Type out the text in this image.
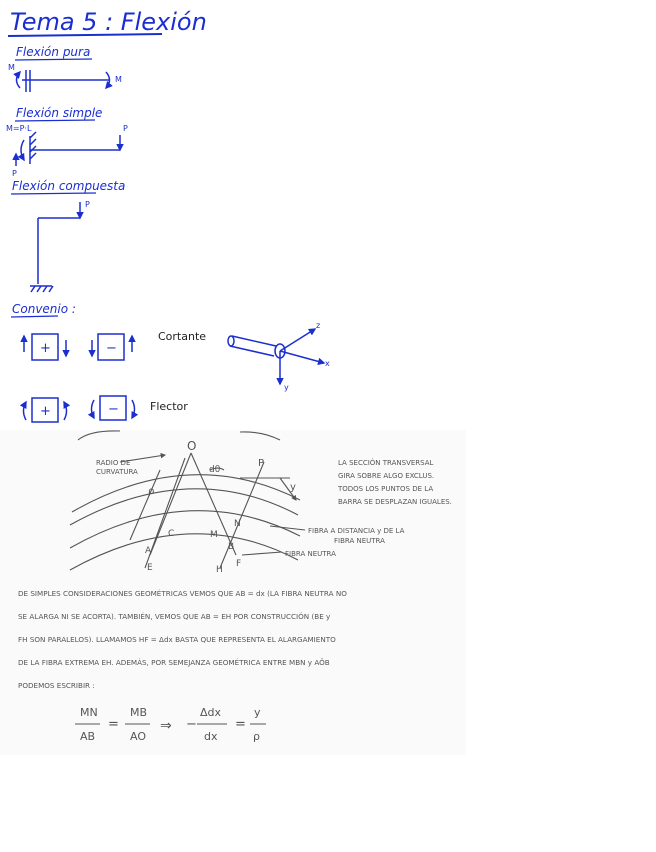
Tema 5 : Flexión
Flexión pura
M
M
Flexión simple
M=P·L	P
P
Flexión compuesta
P
Convenio :
+	−
Cortante
z
x
y
+	−	Flector
O
dθ
P
ρ	y
C	M
N
A	B
E	H
F
RADIO DE
CURVATURA
FIBRA A DISTANCIA y DE LA
FIBRA NEUTRA
FIBRA NEUTRA
LA SECCIÓN TRANSVERSAL
GIRA SOBRE ALGO EXCLUS.
TODOS LOS PUNTOS DE LA
BARRA SE DESPLAZAN IGUALES.
DE SIMPLES CONSIDERACIONES GEOMÉTRICAS VEMOS QUE AB = dx (LA FIBRA NEUTRA NO
SE ALARGA NI SE ACORTA). TAMBIÉN, VEMOS QUE AB = EH POR CONSTRUCCIÓN (BE y
FH SON PARALELOS). LLAMAMOS HF = Δdx BASTA QUE REPRESENTA EL ALARGAMIENTO
DE LA FIBRA EXTREMA EH. ADEMÁS, POR SEMEJANZA GEOMÉTRICA ENTRE MBN y AÔB
PODEMOS ESCRIBIR :
MN
AB
=
MB
AO
⇒ −
Δdx
dx
=
y
ρ
